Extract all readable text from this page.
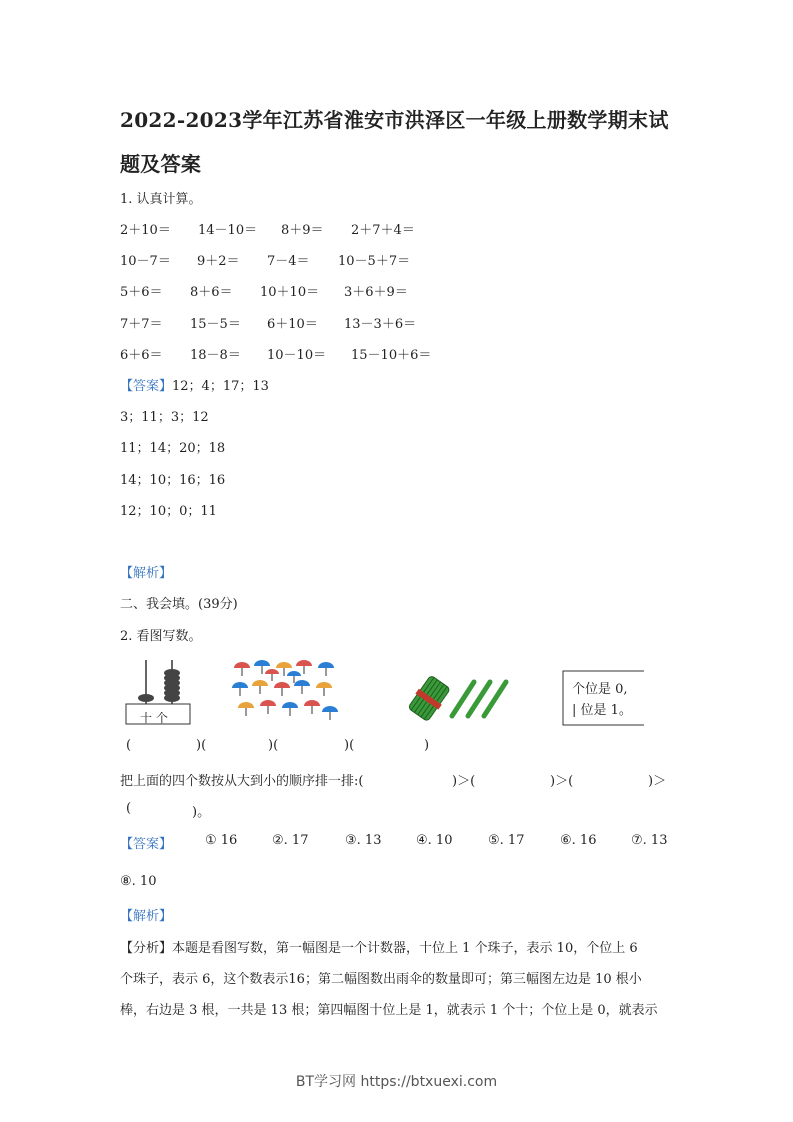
2022-2023学年江苏省淮安市洪泽区一年级上册数学期末试
题及答案
1. 认真计算。
2＋10＝ 14－10＝ 8＋9＝ 2＋7＋4＝
10－7＝ 9＋2＝ 7－4＝ 10－5＋7＝
5＋6＝ 8＋6＝ 10＋10＝ 3＋6＋9＝
7＋7＝ 15－5＝ 6＋10＝ 13－3＋6＝
6＋6＝ 18－8＝ 10－10＝ 15－10＋6＝
【答案】12；4；17；13
3；11；3；12
11；14；20；18
14；10；16；16
12；10；0；11
【解析】
二、我会填。(39分)
2. 看图写数。
十 个
个位是 0,
| 位是 1。
(	)(	)(	)(	)
把上面的四个数按从大到小的顺序排一排:(	)＞(	)＞(	)＞
(	)。
【答案】	① 16	②. 17	③. 13	④. 10	⑤. 17	⑥. 16	⑦. 13
⑧. 10
【解析】
【分析】本题是看图写数，第一幅图是一个计数器，十位上 1 个珠子，表示 10，个位上 6
个珠子，表示 6，这个数表示16；第二幅图数出雨伞的数量即可；第三幅图左边是 10 根小
棒，右边是 3 根，一共是 13 根；第四幅图十位上是 1，就表示 1 个十；个位上是 0，就表示
BT学习网 https://btxuexi.com
